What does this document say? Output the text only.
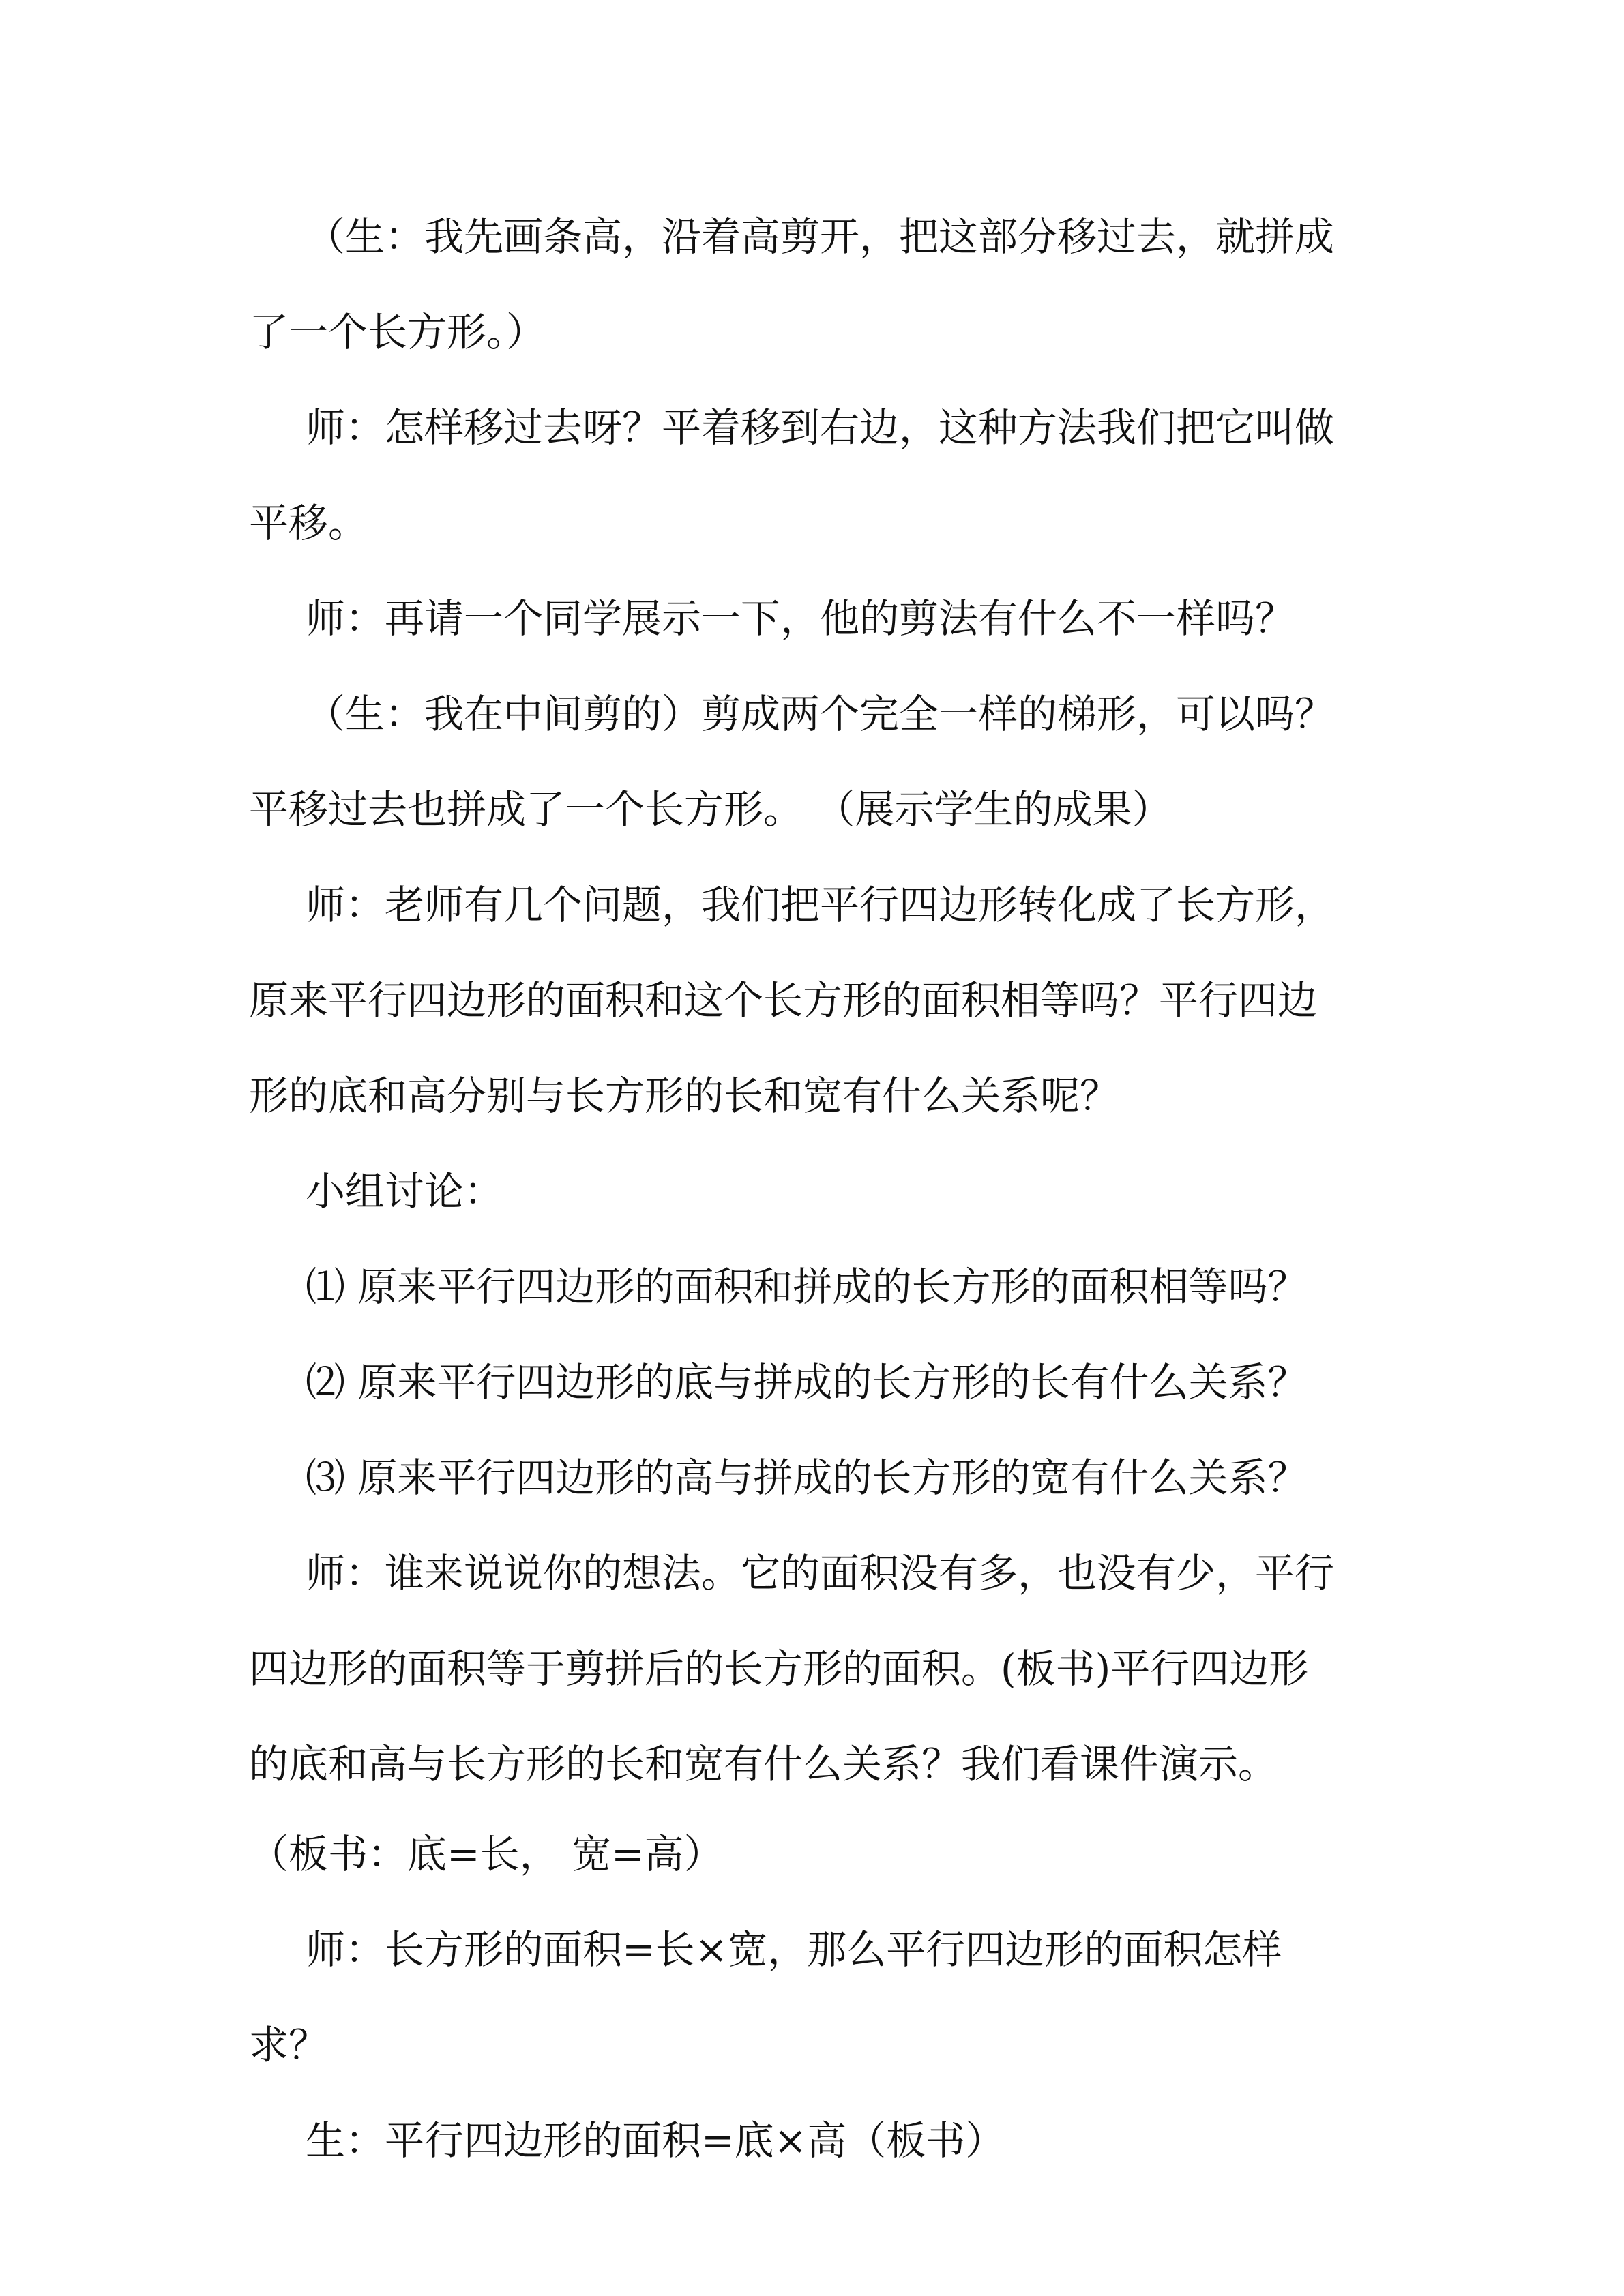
（生：我先画条高，沿着高剪开，把这部分移过去，就拼成

了一个长方形。）

师：怎样移过去呀？平着移到右边，这种方法我们把它叫做

平移。

师：再请一个同学展示一下，他的剪法有什么不一样吗？

（生：我在中间剪的）剪成两个完全一样的梯形，可以吗？

平移过去也拼成了一个长方形。 （展示学生的成果）

师：老师有几个问题，我们把平行四边形转化成了长方形，

原来平行四边形的面积和这个长方形的面积相等吗？平行四边

形的底和高分别与长方形的长和宽有什么关系呢？

小组讨论：

⑴ 原来平行四边形的面积和拼成的长方形的面积相等吗？

⑵ 原来平行四边形的底与拼成的长方形的长有什么关系？

⑶ 原来平行四边形的高与拼成的长方形的宽有什么关系？

师：谁来说说你的想法。它的面积没有多，也没有少，平行

四边形的面积等于剪拼后的长方形的面积。(板书)平行四边形

的底和高与长方形的长和宽有什么关系？我们看课件演示。

（板书：底=长， 宽=高）

师：长方形的面积=长×宽，那么平行四边形的面积怎样

求？

生：平行四边形的面积=底×高（板书）
